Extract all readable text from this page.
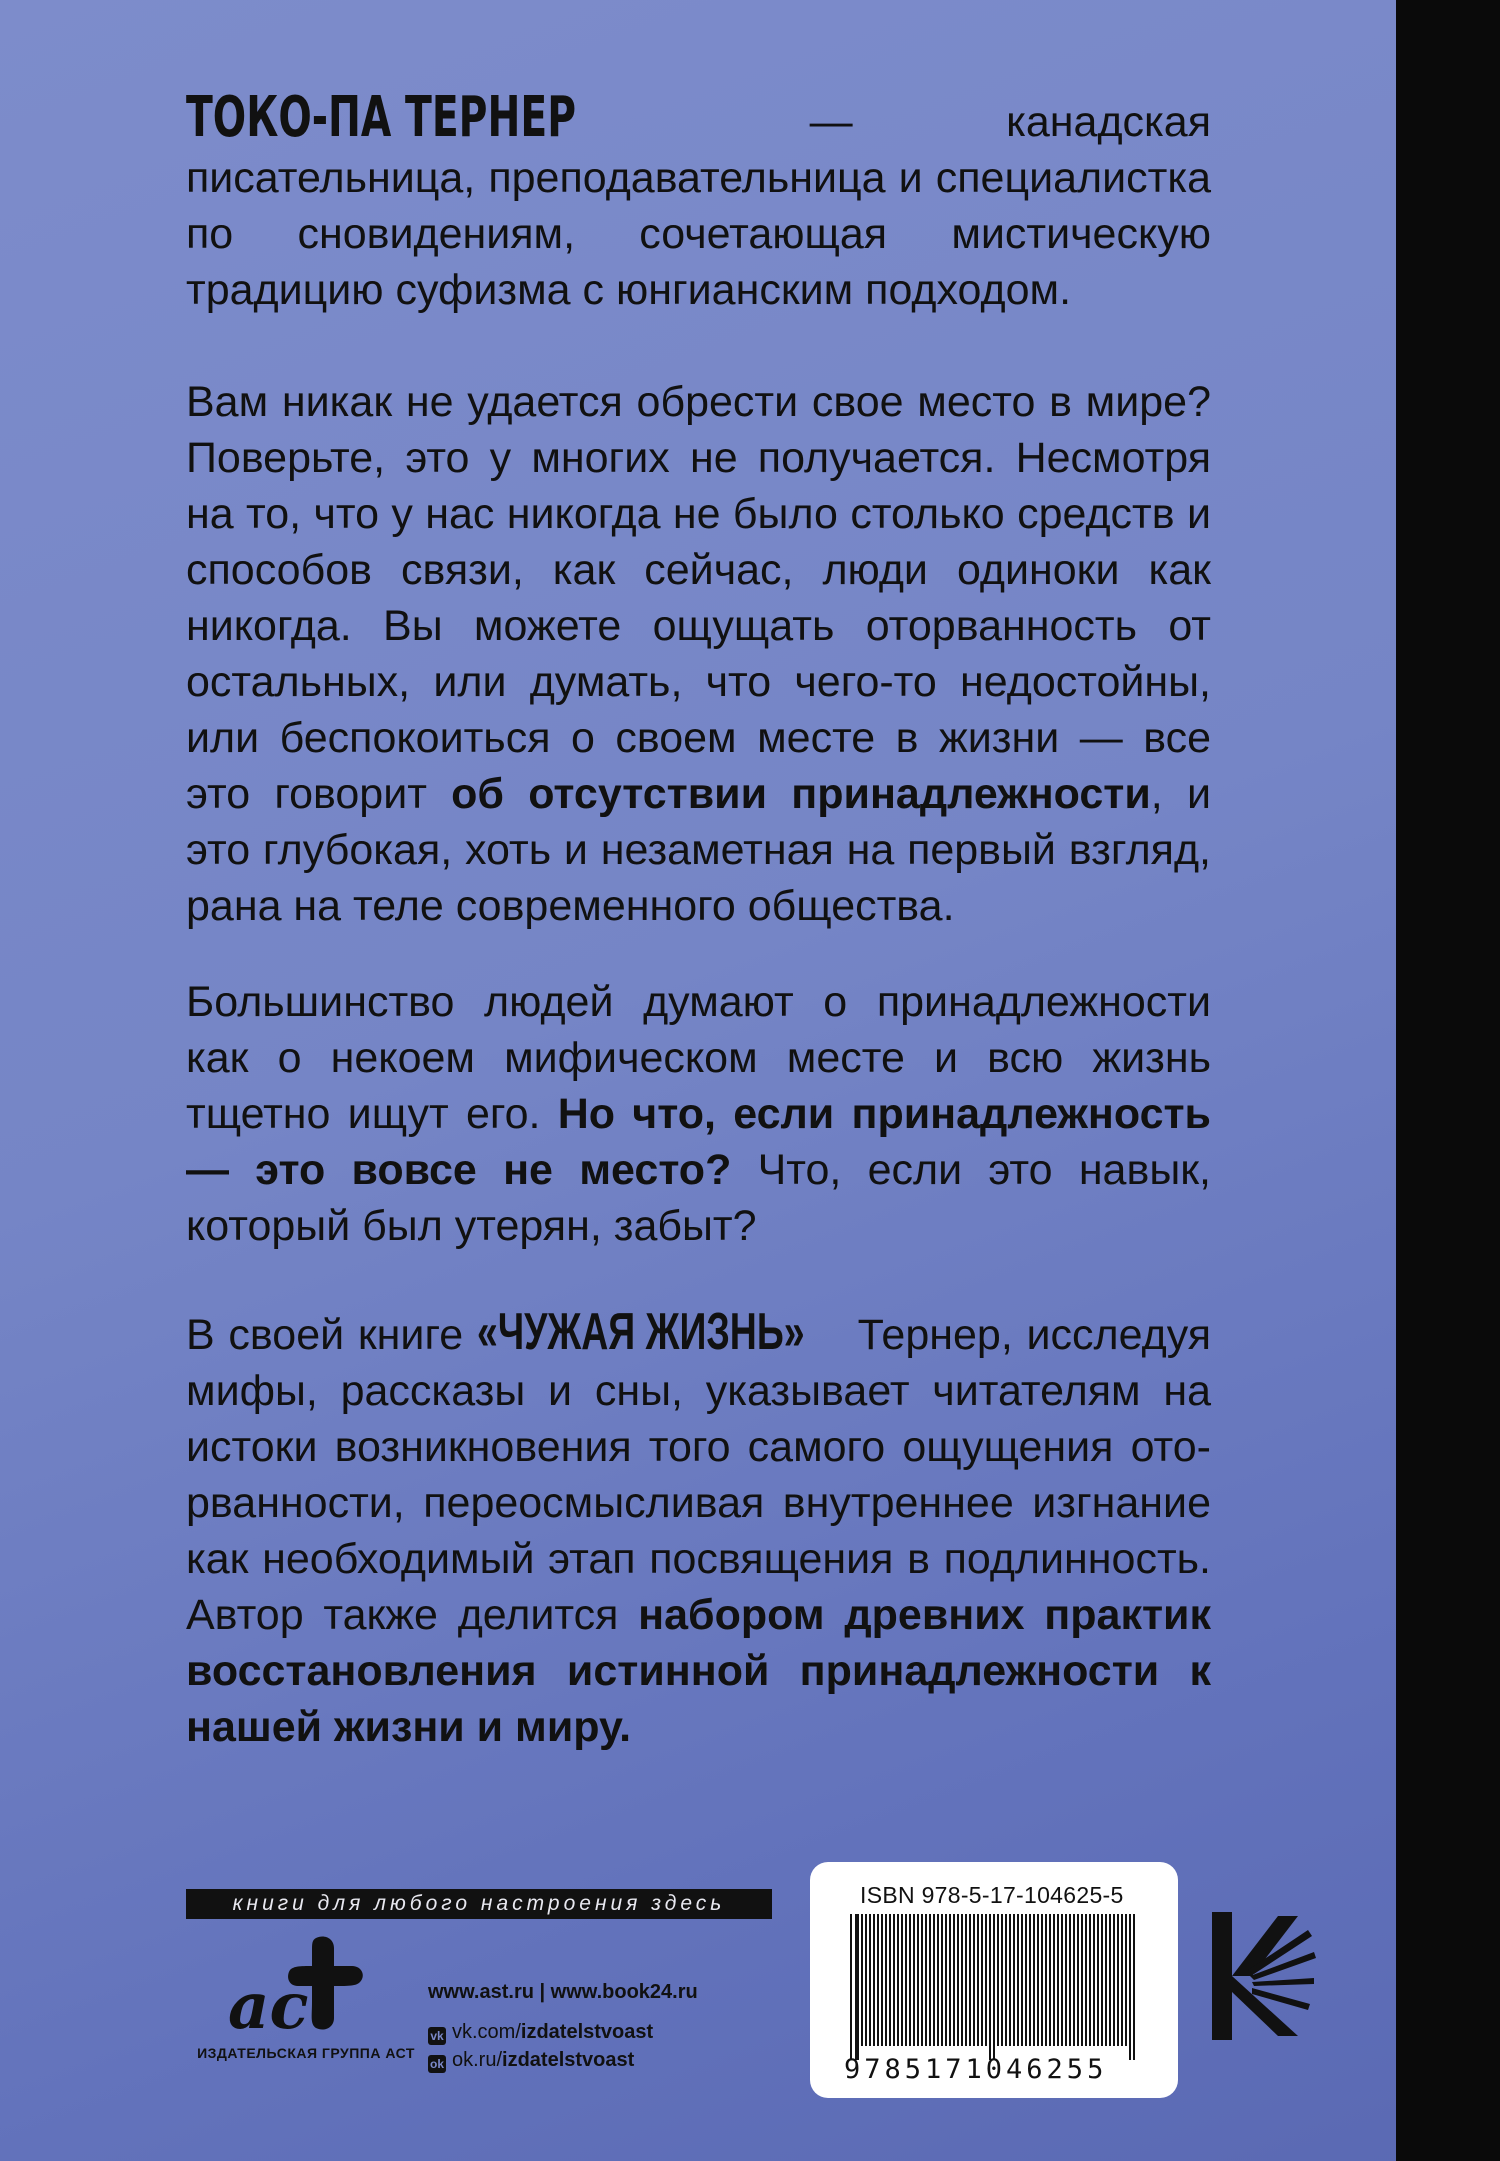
ТОКО-ПА ТЕРНЕР — канадская писательница, преподавательница и специалистка по сновидениям, сочетающая мистическую традицию суфизма с юнгианским подходом.

Вам никак не удается обрести свое место в мире? Поверьте, это у многих не получается. Несмотря на то, что у нас никогда не было столько средств и способов связи, как сейчас, люди одиноки как никогда. Вы можете ощущать оторванность от остальных, или думать, что чего-то недостойны, или беспокоиться о своем месте в жизни — все это говорит об отсутствии принадлежности, и это глубокая, хоть и незаметная на первый взгляд, рана на теле современного общества.

Большинство людей думают о принадлежности как о некоем мифическом месте и всю жизнь тщетно ищут его. Но что, если принадлежность — это вовсе не место? Что, если это навык, который был утерян, забыт?

В своей книге «ЧУЖАЯ ЖИЗНЬ» Тернер, исследуя мифы, рассказы и сны, указывает читателям на истоки возникновения того самого ощущения оторванности, переосмысливая внутреннее изгнание как необходимый этап посвящения в подлинность. Автор также делится набором древних практик восстановления истинной принадлежности к нашей жизни и миру.

книги для любого настроения здесь
ac
ИЗДАТЕЛЬСКАЯ ГРУППА АСТ
www.ast.ru | www.book24.ru
vk vk.com/izdatelstvoast
ok ok.ru/izdatelstvoast
ISBN 978-5-17-104625-5
9785171046255
